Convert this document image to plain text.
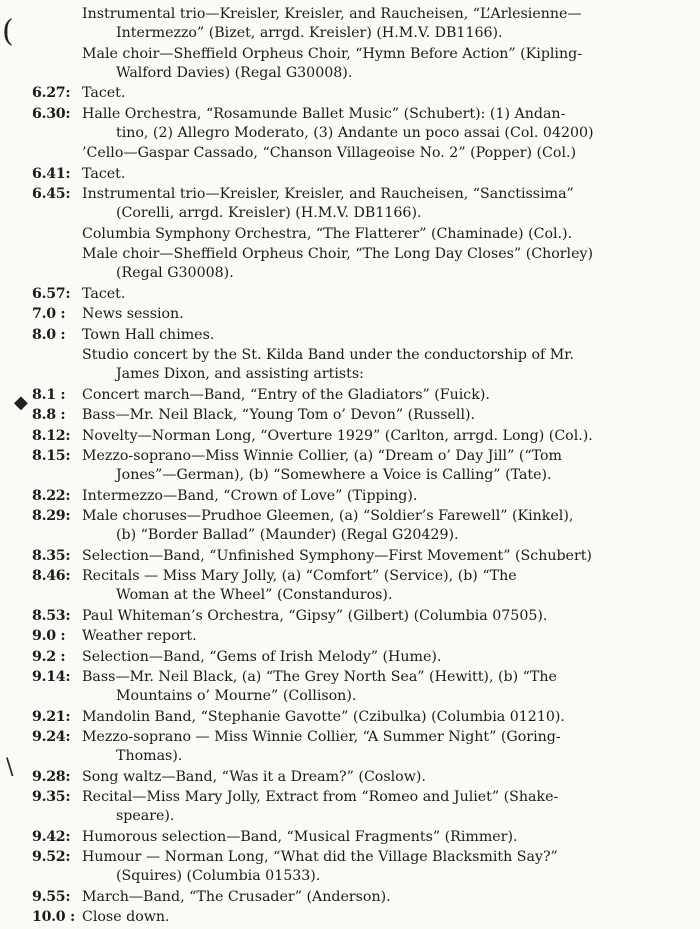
(
◆
\
Instrumental trio—Kreisler, Kreisler, and Raucheisen, “L’Arlesienne—
Intermezzo” (Bizet, arrgd. Kreisler) (H.M.V. DB1166).
Male choir—Sheffield Orpheus Choir, “Hymn Before Action” (Kipling-
Walford Davies) (Regal G30008).
6.27: Tacet.
6.30: Halle Orchestra, “Rosamunde Ballet Music” (Schubert): (1) Andan-
tino, (2) Allegro Moderato, (3) Andante un poco assai (Col. 04200)
’Cello—Gaspar Cassado, “Chanson Villageoise No. 2” (Popper) (Col.)
6.41: Tacet.
6.45: Instrumental trio—Kreisler, Kreisler, and Raucheisen, “Sanctissima”
(Corelli, arrgd. Kreisler) (H.M.V. DB1166).
Columbia Symphony Orchestra, “The Flatterer” (Chaminade) (Col.).
Male choir—Sheffield Orpheus Choir, “The Long Day Closes” (Chorley)
(Regal G30008).
6.57: Tacet.
7.0 :	News session.
8.0 :	Town Hall chimes.
Studio concert by the St. Kilda Band under the conductorship of Mr.
James Dixon, and assisting artists:
8.1 :	Concert march—Band, “Entry of the Gladiators” (Fuick).
8.8 :	Bass—Mr. Neil Black, “Young Tom o’ Devon” (Russell).
8.12: Novelty—Norman Long, “Overture 1929” (Carlton, arrgd. Long) (Col.).
8.15: Mezzo-soprano—Miss Winnie Collier, (a) “Dream o’ Day Jill” (“Tom
Jones”—German), (b) “Somewhere a Voice is Calling” (Tate).
8.22: Intermezzo—Band, “Crown of Love” (Tipping).
8.29: Male choruses—Prudhoe Gleemen, (a) “Soldier’s Farewell” (Kinkel),
(b) “Border Ballad” (Maunder) (Regal G20429).
8.35: Selection—Band, “Unfinished Symphony—First Movement” (Schubert)
8.46: Recitals — Miss Mary Jolly, (a) “Comfort” (Service), (b) “The
Woman at the Wheel” (Constanduros).
8.53: Paul Whiteman’s Orchestra, “Gipsy” (Gilbert) (Columbia 07505).
9.0 :	Weather report.
9.2 :	Selection—Band, “Gems of Irish Melody” (Hume).
9.14: Bass—Mr. Neil Black, (a) “The Grey North Sea” (Hewitt), (b) “The
Mountains o’ Mourne” (Collison).
9.21: Mandolin Band, “Stephanie Gavotte” (Czibulka) (Columbia 01210).
9.24: Mezzo-soprano — Miss Winnie Collier, “A Summer Night” (Goring-
Thomas).
9.28: Song waltz—Band, “Was it a Dream?” (Coslow).
9.35: Recital—Miss Mary Jolly, Extract from “Romeo and Juliet” (Shake-
speare).
9.42: Humorous selection—Band, “Musical Fragments” (Rimmer).
9.52: Humour — Norman Long, “What did the Village Blacksmith Say?”
(Squires) (Columbia 01533).
9.55: March—Band, “The Crusader” (Anderson).
10.0 : Close down.
